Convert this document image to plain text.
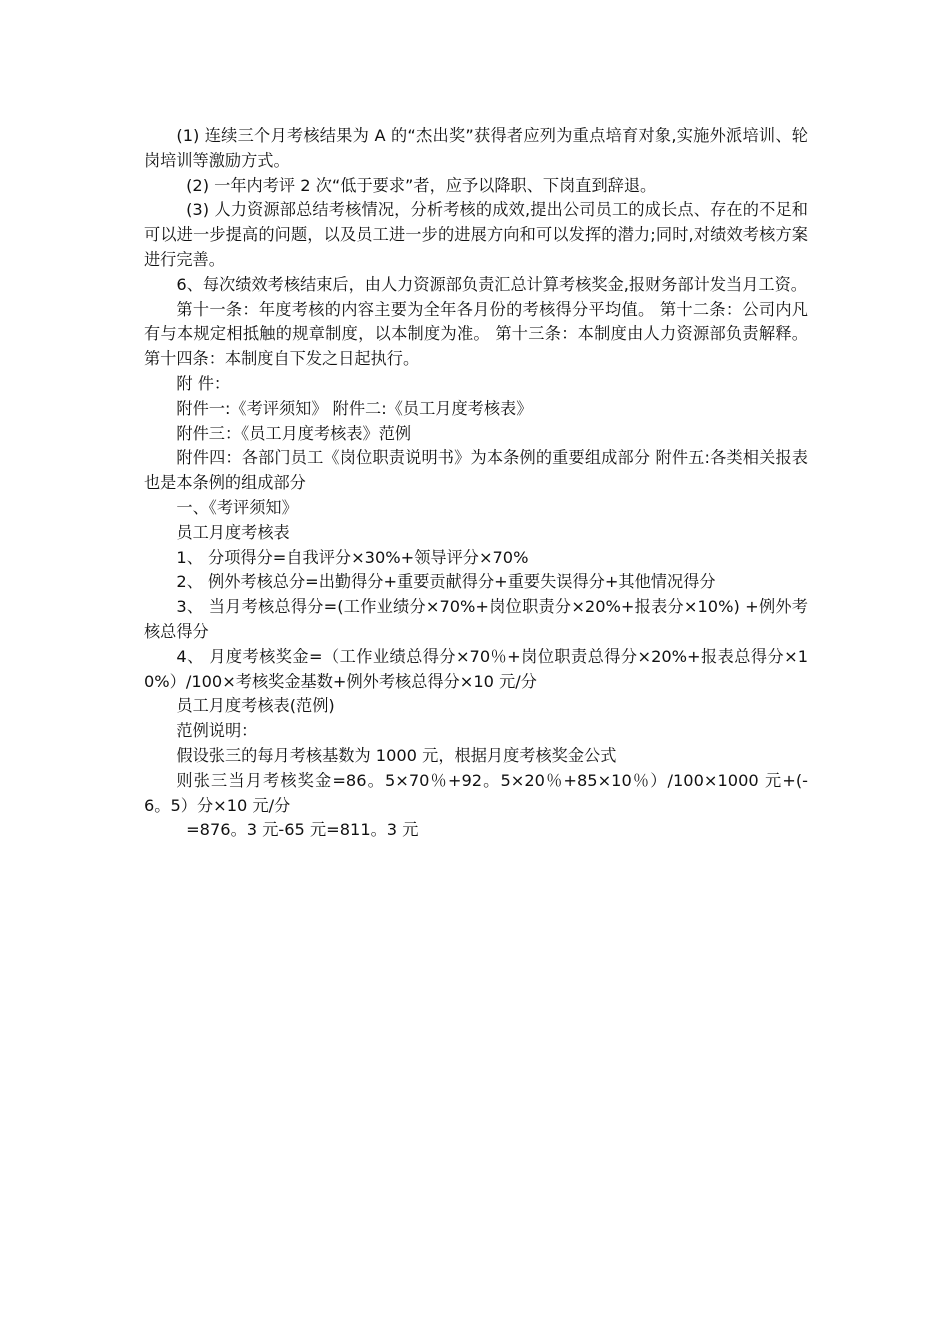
(1) 连续三个月考核结果为 A 的“杰出奖”获得者应列为重点培育对象,实施外派培训、轮岗培训等激励方式。

(2) 一年内考评 2 次“低于要求”者，应予以降职、下岗直到辞退。

(3) 人力资源部总结考核情况，分析考核的成效,提出公司员工的成长点、存在的不足和可以进一步提高的问题，以及员工进一步的进展方向和可以发挥的潜力;同时,对绩效考核方案进行完善。

6、每次绩效考核结束后，由人力资源部负责汇总计算考核奖金,报财务部计发当月工资。

第十一条：年度考核的内容主要为全年各月份的考核得分平均值。 第十二条：公司内凡有与本规定相抵触的规章制度，以本制度为准。 第十三条：本制度由人力资源部负责解释。 第十四条：本制度自下发之日起执行。

附 件：

附件一:《考评须知》 附件二:《员工月度考核表》

附件三：《员工月度考核表》范例

附件四：各部门员工《岗位职责说明书》为本条例的重要组成部分 附件五:各类相关报表也是本条例的组成部分

一、《考评须知》

员工月度考核表

1、 分项得分=自我评分×30%+领导评分×70%

2、 例外考核总分=出勤得分+重要贡献得分+重要失误得分+其他情况得分

3、 当月考核总得分=(工作业绩分×70%+岗位职责分×20%+报表分×10%) +例外考核总得分

4、 月度考核奖金=（工作业绩总得分×70％+岗位职责总得分×20%+报表总得分×10%）/100×考核奖金基数+例外考核总得分×10 元/分

员工月度考核表(范例)

范例说明：

假设张三的每月考核基数为 1000 元，根据月度考核奖金公式

则张三当月考核奖金=86。5×70％+92。5×20％+85×10％）/100×1000 元+(-6。5）分×10 元/分

=876。3 元-65 元=811。3 元
